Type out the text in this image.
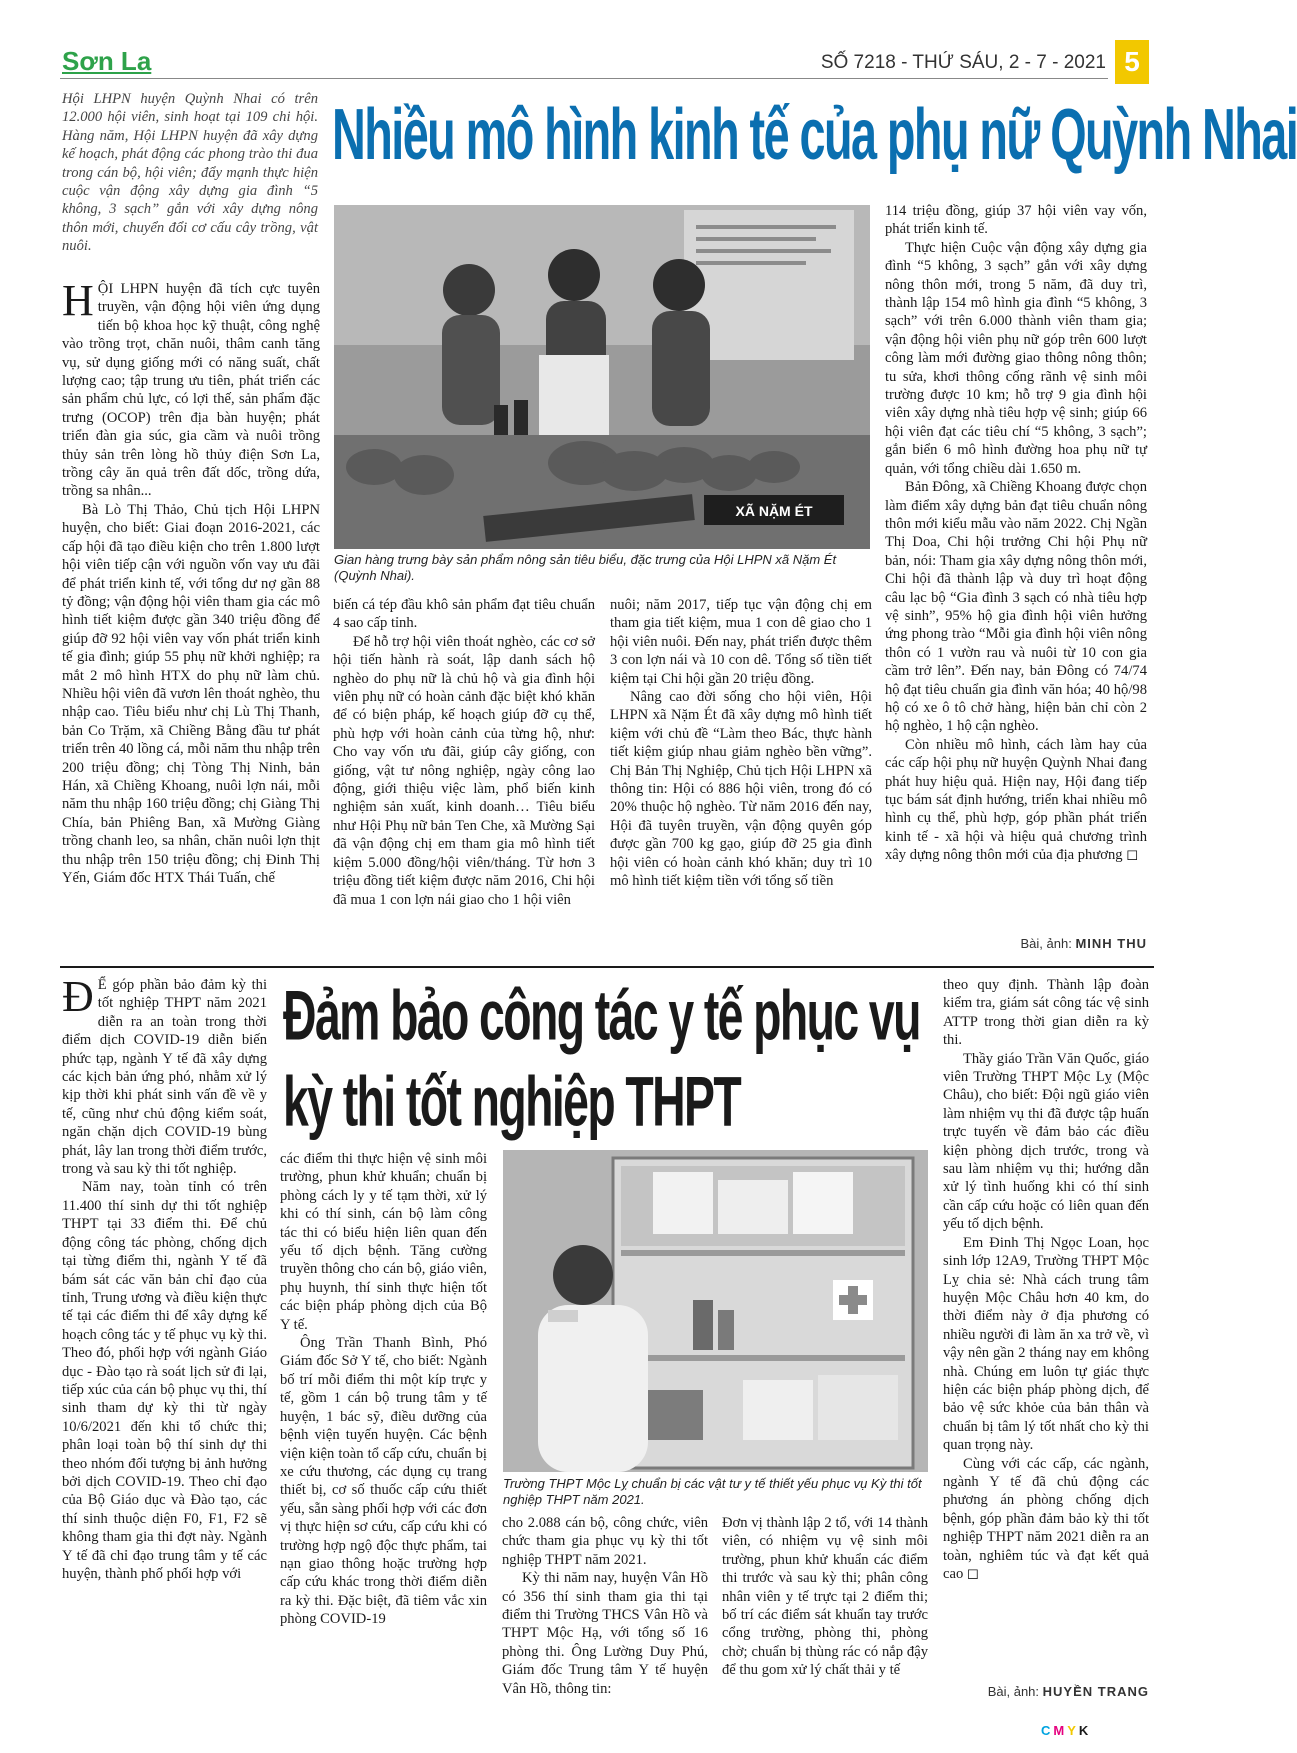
Sơn La	SỐ 7218 - THỨ SÁU, 2 - 7 - 2021 5
Hội LHPN huyện Quỳnh Nhai có trên 12.000 hội viên, sinh hoạt tại 109 chi hội. Hàng năm, Hội LHPN huyện đã xây dựng kế hoạch, phát động các phong trào thi đua trong cán bộ, hội viên; đẩy mạnh thực hiện cuộc vận động xây dựng gia đình “5 không, 3 sạch” gắn với xây dựng nông thôn mới, chuyển đổi cơ cấu cây trồng, vật nuôi.
Nhiều mô hình kinh tế của phụ nữ Quỳnh Nhai

HỘI LHPN huyện đã tích cực tuyên truyền, vận động hội viên ứng dụng tiến bộ khoa học kỹ thuật, công nghệ vào trồng trọt, chăn nuôi, thâm canh tăng vụ, sử dụng giống mới có năng suất, chất lượng cao; tập trung ưu tiên, phát triển các sản phẩm chủ lực, có lợi thế, sản phẩm đặc trưng (OCOP) trên địa bàn huyện; phát triển đàn gia súc, gia cầm và nuôi trồng thủy sản trên lòng hồ thủy điện Sơn La, trồng cây ăn quả trên đất dốc, trồng dứa, trồng sa nhân...

Bà Lò Thị Thảo, Chủ tịch Hội LHPN huyện, cho biết: Giai đoạn 2016-2021, các cấp hội đã tạo điều kiện cho trên 1.800 lượt hội viên tiếp cận với nguồn vốn vay ưu đãi để phát triển kinh tế, với tổng dư nợ gần 88 tỷ đồng; vận động hội viên tham gia các mô hình tiết kiệm được gần 340 triệu đồng để giúp đỡ 92 hội viên vay vốn phát triển kinh tế gia đình; giúp 55 phụ nữ khởi nghiệp; ra mắt 2 mô hình HTX do phụ nữ làm chủ. Nhiều hội viên đã vươn lên thoát nghèo, thu nhập cao. Tiêu biểu như chị Lù Thị Thanh, bản Co Trặm, xã Chiềng Bằng đầu tư phát triển trên 40 lồng cá, mỗi năm thu nhập trên 200 triệu đồng; chị Tòng Thị Ninh, bản Hán, xã Chiềng Khoang, nuôi lợn nái, mỗi năm thu nhập 160 triệu đồng; chị Giàng Thị Chía, bản Phiêng Ban, xã Mường Giàng trồng chanh leo, sa nhân, chăn nuôi lợn thịt thu nhập trên 150 triệu đồng; chị Đinh Thị Yến, Giám đốc HTX Thái Tuấn, chế

XÃ NẶM ÉT
Gian hàng trưng bày sản phẩm nông sản tiêu biểu, đặc trưng của Hội LHPN xã Nặm Ét (Quỳnh Nhai).

biến cá tép đầu khô sản phẩm đạt tiêu chuẩn 4 sao cấp tỉnh.

Để hỗ trợ hội viên thoát nghèo, các cơ sở hội tiến hành rà soát, lập danh sách hộ nghèo do phụ nữ là chủ hộ và gia đình hội viên phụ nữ có hoàn cảnh đặc biệt khó khăn để có biện pháp, kế hoạch giúp đỡ cụ thể, phù hợp với hoàn cảnh của từng hộ, như: Cho vay vốn ưu đãi, giúp cây giống, con giống, vật tư nông nghiệp, ngày công lao động, giới thiệu việc làm, phổ biến kinh nghiệm sản xuất, kinh doanh… Tiêu biểu như Hội Phụ nữ bản Ten Che, xã Mường Sại đã vận động chị em tham gia mô hình tiết kiệm 5.000 đồng/hội viên/tháng. Từ hơn 3 triệu đồng tiết kiệm được năm 2016, Chi hội đã mua 1 con lợn nái giao cho 1 hội viên

nuôi; năm 2017, tiếp tục vận động chị em tham gia tiết kiệm, mua 1 con dê giao cho 1 hội viên nuôi. Đến nay, phát triển được thêm 3 con lợn nái và 10 con dê. Tổng số tiền tiết kiệm tại Chi hội gần 20 triệu đồng.

Nâng cao đời sống cho hội viên, Hội LHPN xã Nặm Ét đã xây dựng mô hình tiết kiệm với chủ đề “Làm theo Bác, thực hành tiết kiệm giúp nhau giảm nghèo bền vững”. Chị Bản Thị Nghiệp, Chủ tịch Hội LHPN xã thông tin: Hội có 886 hội viên, trong đó có 20% thuộc hộ nghèo. Từ năm 2016 đến nay, Hội đã tuyên truyền, vận động quyên góp được gần 700 kg gạo, giúp đỡ 25 gia đình hội viên có hoàn cảnh khó khăn; duy trì 10 mô hình tiết kiệm tiền với tổng số tiền

114 triệu đồng, giúp 37 hội viên vay vốn, phát triển kinh tế.

Thực hiện Cuộc vận động xây dựng gia đình “5 không, 3 sạch” gắn với xây dựng nông thôn mới, trong 5 năm, đã duy trì, thành lập 154 mô hình gia đình “5 không, 3 sạch” với trên 6.000 thành viên tham gia; vận động hội viên phụ nữ góp trên 600 lượt công làm mới đường giao thông nông thôn; tu sửa, khơi thông cống rãnh vệ sinh môi trường được 10 km; hỗ trợ 9 gia đình hội viên xây dựng nhà tiêu hợp vệ sinh; giúp 66 hội viên đạt các tiêu chí “5 không, 3 sạch”; gắn biển 6 mô hình đường hoa phụ nữ tự quản, với tổng chiều dài 1.650 m.

Bản Đông, xã Chiềng Khoang được chọn làm điểm xây dựng bản đạt tiêu chuẩn nông thôn mới kiểu mẫu vào năm 2022. Chị Ngần Thị Doa, Chi hội trưởng Chi hội Phụ nữ bản, nói: Tham gia xây dựng nông thôn mới, Chi hội đã thành lập và duy trì hoạt động câu lạc bộ “Gia đình 3 sạch có nhà tiêu hợp vệ sinh”, 95% hộ gia đình hội viên hưởng ứng phong trào “Mỗi gia đình hội viên nông thôn có 1 vườn rau và nuôi từ 10 con gia cầm trở lên”. Đến nay, bản Đông có 74/74 hộ đạt tiêu chuẩn gia đình văn hóa; 40 hộ/98 hộ có xe ô tô chở hàng, hiện bản chỉ còn 2 hộ nghèo, 1 hộ cận nghèo.

Còn nhiều mô hình, cách làm hay của các cấp hội phụ nữ huyện Quỳnh Nhai đang phát huy hiệu quả. Hiện nay, Hội đang tiếp tục bám sát định hướng, triển khai nhiều mô hình cụ thể, phù hợp, góp phần phát triển kinh tế - xã hội và hiệu quả chương trình xây dựng nông thôn mới của địa phương ◻

Bài, ảnh: MINH THU
Đảm bảo công tác y tế phục vụ
kỳ thi tốt nghiệp THPT

Đ Ể góp phần bảo đảm kỳ thi tốt nghiệp THPT năm 2021 diễn ra an toàn trong thời điểm dịch COVID-19 diễn biến phức tạp, ngành Y tế đã xây dựng các kịch bản ứng phó, nhằm xử lý kịp thời khi phát sinh vấn đề về y tế, cũng như chủ động kiểm soát, ngăn chặn dịch COVID-19 bùng phát, lây lan trong thời điểm trước, trong và sau kỳ thi tốt nghiệp.

Năm nay, toàn tỉnh có trên 11.400 thí sinh dự thi tốt nghiệp THPT tại 33 điểm thi. Để chủ động công tác phòng, chống dịch tại từng điểm thi, ngành Y tế đã bám sát các văn bản chỉ đạo của tỉnh, Trung ương và điều kiện thực tế tại các điểm thi để xây dựng kế hoạch công tác y tế phục vụ kỳ thi. Theo đó, phối hợp với ngành Giáo dục - Đào tạo rà soát lịch sử đi lại, tiếp xúc của cán bộ phục vụ thi, thí sinh tham dự kỳ thi từ ngày 10/6/2021 đến khi tổ chức thi; phân loại toàn bộ thí sinh dự thi theo nhóm đối tượng bị ảnh hưởng bởi dịch COVID-19. Theo chỉ đạo của Bộ Giáo dục và Đào tạo, các thí sinh thuộc diện F0, F1, F2 sẽ không tham gia thi đợt này. Ngành Y tế đã chỉ đạo trung tâm y tế các huyện, thành phố phối hợp với

các điểm thi thực hiện vệ sinh môi trường, phun khử khuẩn; chuẩn bị phòng cách ly y tế tạm thời, xử lý khi có thí sinh, cán bộ làm công tác thi có biểu hiện liên quan đến yếu tố dịch bệnh. Tăng cường truyền thông cho cán bộ, giáo viên, phụ huynh, thí sinh thực hiện tốt các biện pháp phòng dịch của Bộ Y tế.

Ông Trần Thanh Bình, Phó Giám đốc Sở Y tế, cho biết: Ngành bố trí mỗi điểm thi một kíp trực y tế, gồm 1 cán bộ trung tâm y tế huyện, 1 bác sỹ, điều dưỡng của bệnh viện tuyến huyện. Các bệnh viện kiện toàn tổ cấp cứu, chuẩn bị xe cứu thương, các dụng cụ trang thiết bị, cơ số thuốc cấp cứu thiết yếu, sẵn sàng phối hợp với các đơn vị thực hiện sơ cứu, cấp cứu khi có trường hợp ngộ độc thực phẩm, tai nạn giao thông hoặc trường hợp cấp cứu khác trong thời điểm diễn ra kỳ thi. Đặc biệt, đã tiêm vắc xin phòng COVID-19

Trường THPT Mộc Lỵ chuẩn bị các vật tư y tế thiết yếu phục vụ Kỳ thi tốt nghiệp THPT năm 2021.

cho 2.088 cán bộ, công chức, viên chức tham gia phục vụ kỳ thi tốt nghiệp THPT năm 2021.

Kỳ thi năm nay, huyện Vân Hồ có 356 thí sinh tham gia thi tại điểm thi Trường THCS Vân Hồ và THPT Mộc Hạ, với tổng số 16 phòng thi. Ông Lường Duy Phú, Giám đốc Trung tâm Y tế huyện Vân Hồ, thông tin:

Đơn vị thành lập 2 tổ, với 14 thành viên, có nhiệm vụ vệ sinh môi trường, phun khử khuẩn các điểm thi trước và sau kỳ thi; phân công nhân viên y tế trực tại 2 điểm thi; bố trí các điểm sát khuẩn tay trước cổng trường, phòng thi, phòng chờ; chuẩn bị thùng rác có nắp đậy để thu gom xử lý chất thải y tế

theo quy định. Thành lập đoàn kiểm tra, giám sát công tác vệ sinh ATTP trong thời gian diễn ra kỳ thi.

Thầy giáo Trần Văn Quốc, giáo viên Trường THPT Mộc Lỵ (Mộc Châu), cho biết: Đội ngũ giáo viên làm nhiệm vụ thi đã được tập huấn trực tuyến về đảm bảo các điều kiện phòng dịch trước, trong và sau làm nhiệm vụ thi; hướng dẫn xử lý tình huống khi có thí sinh cần cấp cứu hoặc có liên quan đến yếu tố dịch bệnh.

Em Đinh Thị Ngọc Loan, học sinh lớp 12A9, Trường THPT Mộc Lỵ chia sẻ: Nhà cách trung tâm huyện Mộc Châu hơn 40 km, do thời điểm này ở địa phương có nhiều người đi làm ăn xa trở về, vì vậy nên gần 2 tháng nay em không nhà. Chúng em luôn tự giác thực hiện các biện pháp phòng dịch, để bảo vệ sức khỏe của bản thân và chuẩn bị tâm lý tốt nhất cho kỳ thi quan trọng này.

Cùng với các cấp, các ngành, ngành Y tế đã chủ động các phương án phòng chống dịch bệnh, góp phần đảm bảo kỳ thi tốt nghiệp THPT năm 2021 diễn ra an toàn, nghiêm túc và đạt kết quả cao ◻

Bài, ảnh: HUYỀN TRANG
CMYK
